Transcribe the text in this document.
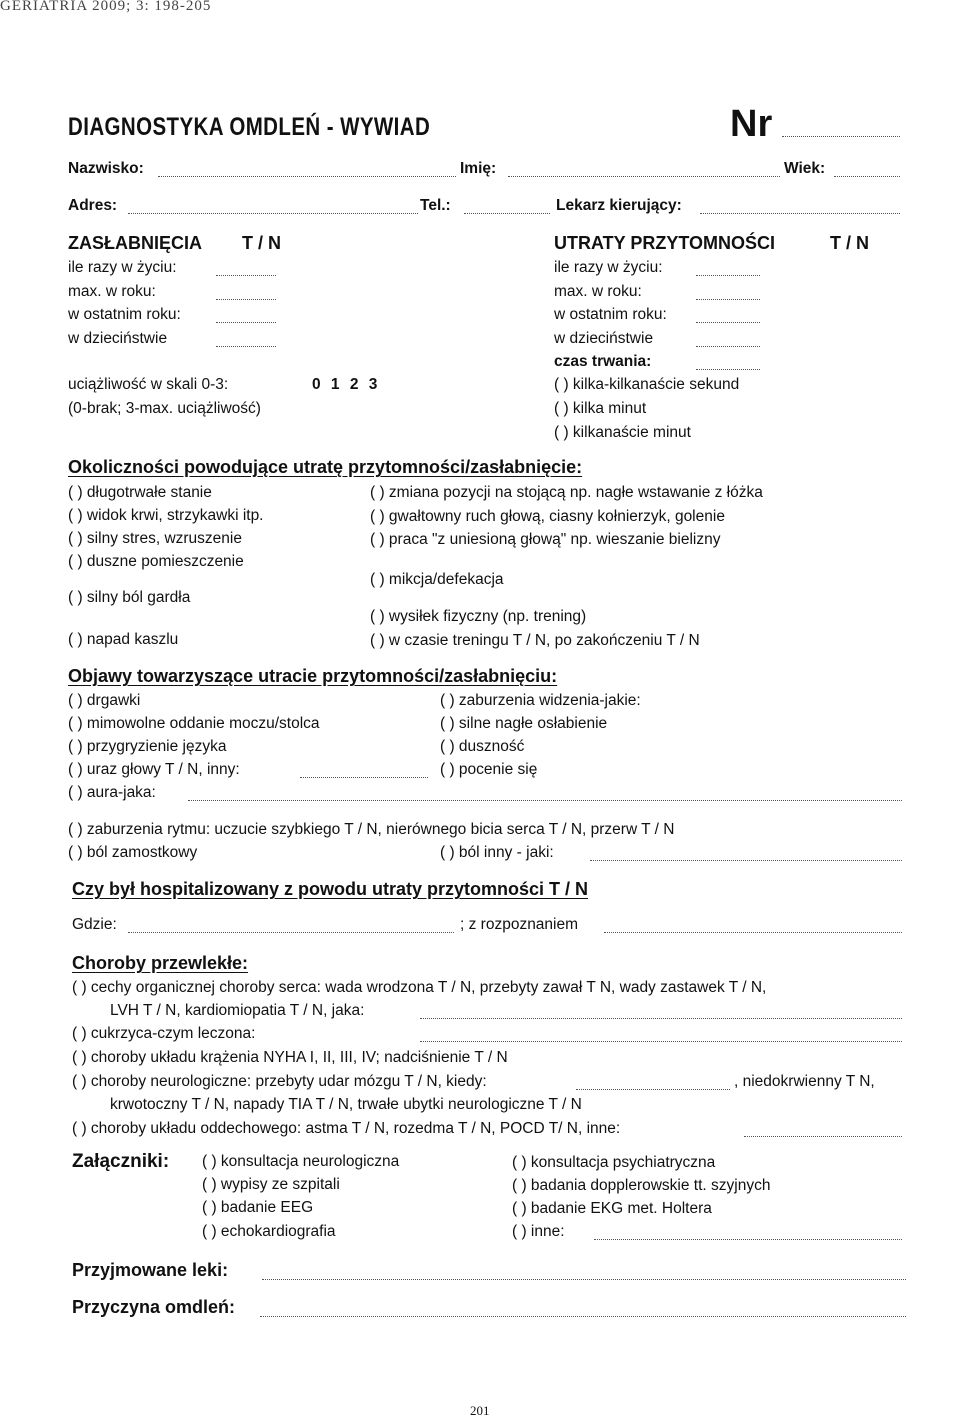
GERIATRIA 2009; 3: 198-205
DIAGNOSTYKA OMDLEŃ - WYWIAD	Nr
Nazwisko:	Imię:	Wiek:
Adres:	Tel.:	Lekarz kierujący:
ZASŁABNIĘCIA T / N
ile razy w życiu:
max. w roku:
w ostatnim roku:
w dzieciństwie
uciążliwość w skali 0-3:	0 1 2 3
(0-brak; 3-max. uciążliwość)
UTRATY PRZYTOMNOŚCI	T / N
ile razy w życiu:
max. w roku:
w ostatnim roku:
w dzieciństwie
czas trwania:
( ) kilka-kilkanaście sekund
( ) kilka minut
( ) kilkanaście minut
Okoliczności powodujące utratę przytomności/zasłabnięcie:
( ) długotrwałe stanie
( ) widok krwi, strzykawki itp.
( ) silny stres, wzruszenie
( ) duszne pomieszczenie
( ) silny ból gardła
( ) napad kaszlu
( ) zmiana pozycji na stojącą np. nagłe wstawanie z łóżka
( ) gwałtowny ruch głową, ciasny kołnierzyk, golenie
( ) praca "z uniesioną głową" np. wieszanie bielizny
( ) mikcja/defekacja
( ) wysiłek fizyczny (np. trening)
( ) w czasie treningu T / N, po zakończeniu T / N
Objawy towarzyszące utracie przytomności/zasłabnięciu:
( ) drgawki
( ) mimowolne oddanie moczu/stolca
( ) przygryzienie języka
( ) uraz głowy T / N, inny:
( ) aura-jaka:
( ) zaburzenia widzenia-jakie:
( ) silne nagłe osłabienie
( ) duszność
( ) pocenie się
( ) zaburzenia rytmu: uczucie szybkiego T / N, nierównego bicia serca T / N, przerw T / N
( ) ból zamostkowy	( ) ból inny - jaki:
Czy był hospitalizowany z powodu utraty przytomności T / N
Gdzie:	; z rozpoznaniem
Choroby przewlekłe:
( ) cechy organicznej choroby serca: wada wrodzona T / N, przebyty zawał T N, wady zastawek T / N,
LVH T / N, kardiomiopatia T / N, jaka:
( ) cukrzyca-czym leczona:
( ) choroby układu krążenia NYHA I, II, III, IV; nadciśnienie T / N
( ) choroby neurologiczne: przebyty udar mózgu T / N, kiedy:	, niedokrwienny T N,
krwotoczny T / N, napady TIA T / N, trwałe ubytki neurologiczne T / N
( ) choroby układu oddechowego: astma T / N, rozedma T / N, POCD T/ N, inne:
Załączniki: ( ) konsultacja neurologiczna
( ) wypisy ze szpitali
( ) badanie EEG
( ) echokardiografia
( ) konsultacja psychiatryczna
( ) badania dopplerowskie tt. szyjnych
( ) badanie EKG met. Holtera
( ) inne:
Przyjmowane leki:
Przyczyna omdleń:
201
